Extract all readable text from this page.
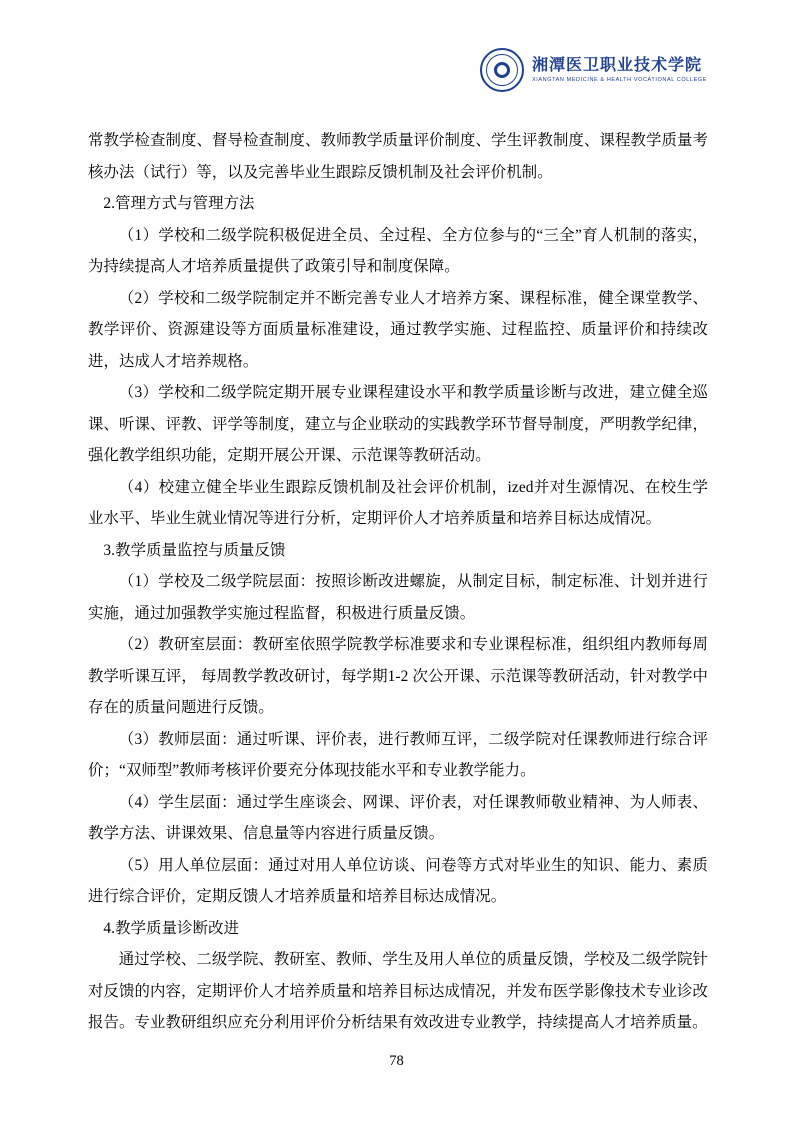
湘潭医卫职业技术学院
XIANGTAN MEDICINE & HEALTH VOCATIONAL COLLEGE

常教学检查制度、督导检查制度、教师教学质量评价制度、学生评教制度、课程教学质量考核办法（试行）等，以及完善毕业生跟踪反馈机制及社会评价机制。

2.管理方式与管理方法

（1）学校和二级学院积极促进全员、全过程、全方位参与的“三全”育人机制的落实，为持续提高人才培养质量提供了政策引导和制度保障。

（2）学校和二级学院制定并不断完善专业人才培养方案、课程标准，健全课堂教学、教学评价、资源建设等方面质量标准建设，通过教学实施、过程监控、质量评价和持续改进，达成人才培养规格。

（3）学校和二级学院定期开展专业课程建设水平和教学质量诊断与改进，建立健全巡课、听课、评教、评学等制度，建立与企业联动的实践教学环节督导制度，严明教学纪律，强化教学组织功能，定期开展公开课、示范课等教研活动。

（4）校建立健全毕业生跟踪反馈机制及社会评价机制，ized并对生源情况、在校生学业水平、毕业生就业情况等进行分析，定期评价人才培养质量和培养目标达成情况。

3.教学质量监控与质量反馈

（1）学校及二级学院层面：按照诊断改进螺旋，从制定目标，制定标准、计划并进行实施，通过加强教学实施过程监督，积极进行质量反馈。

（2）教研室层面：教研室依照学院教学标准要求和专业课程标准，组织组内教师每周教学听课互评， 每周教学教改研讨，每学期1-2 次公开课、示范课等教研活动，针对教学中存在的质量问题进行反馈。

（3）教师层面：通过听课、评价表，进行教师互评，二级学院对任课教师进行综合评价；“双师型”教师考核评价要充分体现技能水平和专业教学能力。

（4）学生层面：通过学生座谈会、网课、评价表，对任课教师敬业精神、为人师表、教学方法、讲课效果、信息量等内容进行质量反馈。

（5）用人单位层面：通过对用人单位访谈、问卷等方式对毕业生的知识、能力、素质进行综合评价，定期反馈人才培养质量和培养目标达成情况。

4.教学质量诊断改进

通过学校、二级学院、教研室、教师、学生及用人单位的质量反馈，学校及二级学院针对反馈的内容，定期评价人才培养质量和培养目标达成情况，并发布医学影像技术专业诊改报告。专业教研组织应充分利用评价分析结果有效改进专业教学，持续提高人才培养质量。

78
